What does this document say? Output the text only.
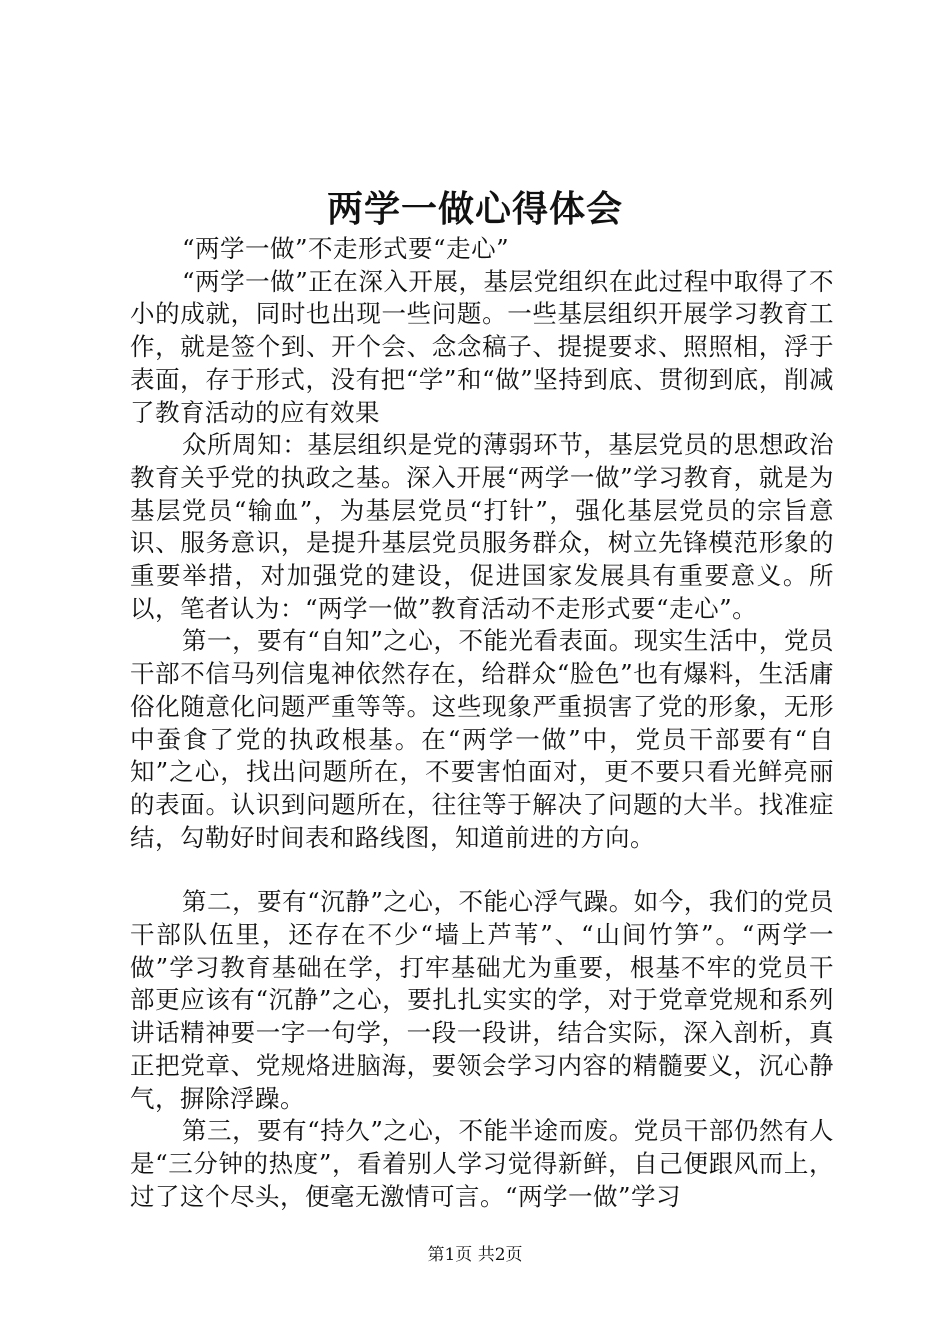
两学一做心得体会

“两学一做”不走形式要“走心”

“两学一做”正在深入开展，基层党组织在此过程中取得了不小的成就，同时也出现一些问题。一些基层组织开展学习教育工作，就是签个到、开个会、念念稿子、提提要求、照照相，浮于表面，存于形式，没有把“学”和“做”坚持到底、贯彻到底，削减了教育活动的应有效果

众所周知：基层组织是党的薄弱环节，基层党员的思想政治教育关乎党的执政之基。深入开展“两学一做”学习教育，就是为基层党员“输血”，为基层党员“打针”，强化基层党员的宗旨意识、服务意识，是提升基层党员服务群众，树立先锋模范形象的重要举措，对加强党的建设，促进国家发展具有重要意义。所以，笔者认为：“两学一做”教育活动不走形式要“走心”。

第一，要有“自知”之心，不能光看表面。现实生活中，党员干部不信马列信鬼神依然存在，给群众“脸色”也有爆料，生活庸俗化随意化问题严重等等。这些现象严重损害了党的形象，无形中蚕食了党的执政根基。在“两学一做”中，党员干部要有“自知”之心，找出问题所在，不要害怕面对，更不要只看光鲜亮丽的表面。认识到问题所在，往往等于解决了问题的大半。找准症结，勾勒好时间表和路线图，知道前进的方向。

第二，要有“沉静”之心，不能心浮气躁。如今，我们的党员干部队伍里，还存在不少“墙上芦苇”、“山间竹笋”。“两学一做”学习教育基础在学，打牢基础尤为重要，根基不牢的党员干部更应该有“沉静”之心，要扎扎实实的学，对于党章党规和系列讲话精神要一字一句学，一段一段讲，结合实际，深入剖析，真正把党章、党规烙进脑海，要领会学习内容的精髓要义，沉心静气，摒除浮躁。

第三，要有“持久”之心，不能半途而废。党员干部仍然有人是“三分钟的热度”，看着别人学习觉得新鲜，自己便跟风而上，过了这个尽头，便毫无激情可言。“两学一做”学习

第1页 共2页
